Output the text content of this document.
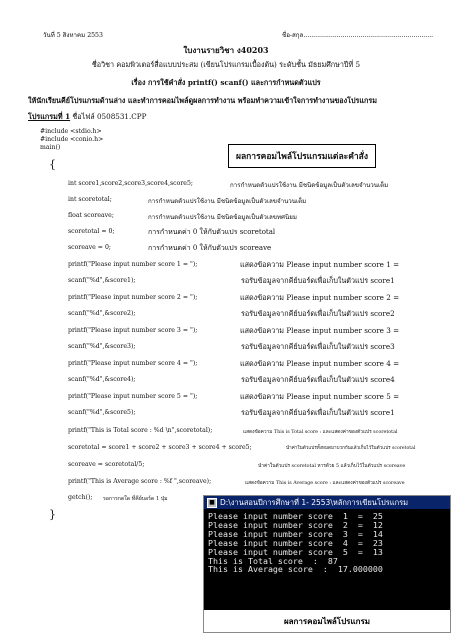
วันที่ 5 สิงหาคม 2553	ชื่อ-สกุล..................................................................
ใบงานรายวิชา ง40203
ชื่อวิชา คอมพิวเตอร์สื่อแบบประสม (เขียนโปรแกรมเบื้องต้น) ระดับชั้น มัธยมศึกษาปีที่ 5
เรื่อง การใช้คำสั่ง printf() scanf() และการกำหนดตัวแปร
ให้นักเรียนคีย์โปรแกรมด้านล่าง และทำการคอมไพล์ดูผลการทำงาน พร้อมทำความเข้าใจการทำงานของโปรแกรม
โปรแกรมที่ 1 ชื่อไฟล์ 0508531.CPP
#include <stdio.h>
#include <conio.h>
main()
ผลการคอมไพล์โปรแกรมแต่ละคำสั่ง
{
int score1,score2,score3,score4,score5;	การกำหนดตัวแปรใช้งาน มีชนิดข้อมูลเป็นตัวเลขจำนวนเต็ม
int scoretotal;	การกำหนดตัวแปรใช้งาน มีชนิดข้อมูลเป็นตัวเลขจำนวนเต็ม
float scoreave;	การกำหนดตัวแปรใช้งาน มีชนิดข้อมูลเป็นตัวเลขทศนิยม
scoretotal = 0;	การกำหนดค่า 0 ให้กับตัวแปร scoretotal
scoreave = 0;	การกำหนดค่า 0 ให้กับตัวแปร scoreave
printf("Please input number score 1 = ");	แสดงข้อความ Please input number score 1 =
scanf("%d",&score1);	รอรับข้อมูลจากคีย์บอร์ดเพื่อเก็บในตัวแปร score1
printf("Please input number score 2 = ");	แสดงข้อความ Please input number score 2 =
scanf("%d",&score2);	รอรับข้อมูลจากคีย์บอร์ดเพื่อเก็บในตัวแปร score2
printf("Please input number score 3 = ");	แสดงข้อความ Please input number score 3 =
scanf("%d",&score3);	รอรับข้อมูลจากคีย์บอร์ดเพื่อเก็บในตัวแปร score3
printf("Please input number score 4 = ");	แสดงข้อความ Please input number score 4 =
scanf("%d",&score4);	รอรับข้อมูลจากคีย์บอร์ดเพื่อเก็บในตัวแปร score4
printf("Please input number score 5 = ");	แสดงข้อความ Please input number score 5 =
scanf("%d",&score5);	รอรับข้อมูลจากคีย์บอร์ดเพื่อเก็บในตัวแปร score1
printf("This is Total score : %d \n",scoretotal);	แสดงข้อความ This is Total score : และแสดงค่าของตัวแปร scoretotal
scoretotal = score1 + score2 + score3 + score4 + score5;	นำค่าในตัวแปรทั้งหมดมาบวกกันแล้วเก็บไว้ในตัวแปร scoretotal
scoreave = scoretotal/5;	นำค่าในตัวแปร scoretotal หารด้วย 5 แล้วเก็บไว้ในตัวแปร scoreave
printf("This is Average score : %f ",scoreave);	แสดงข้อความ This is Average score : และแสดงค่าของตัวแปร scoreave
getch(); รอการกดใด ที่คีย์บอร์ด 1 ปุ่ม
}
■ D:\งานสอนปีการศึกษาที่ 1- 2553\หลักการเขียนโปรแกรม
Please input number score  1  =  25
Please input number score  2  =  12
Please input number score  3  =  14
Please input number score  4  =  23
Please input number score  5  =  13
This is Total score  :  87
This is Average score  :  17.000000
ผลการคอมไพล์โปรแกรม
